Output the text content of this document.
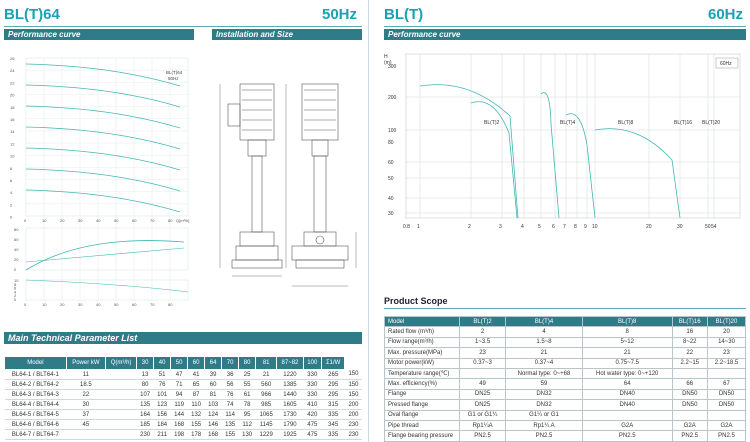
BL(T)64	50Hz
Performance curve	Installation and Size
26
24
22
20
18
16
14
12
10
8
6
4
2
0
0	10	20	30	40	50	60	70	80 Q[m³/h]
80
60
40
20
0
10
8
6
4
2
0
0	10	20	30	40	50	60	70	80
BL(T)64
50Hz
Main Technical Parameter List
Model	Power kW	Q(m³/h)	30	40	50	60	64	70	80	81	87~82	100	Σ1/W	
BL64-1 / BLT64-1	11		13	51	47	41	39	36	25	21	1220	330	265	150
BL64-2 / BLT64-2	18.5		80	76	71	65	60	56	55	560	1385	330	295	150
BL64-3 / BLT64-3	22		107	101	94	87	81	76	61	966	1440	330	295	150
BL64-4 / BLT64-4	30		135	123	119	110	103	74	78	985	1605	410	315	200
BL64-5 / BLT64-5	37		164	156	144	132	124	114	95	1065	1730	420	335	200
BL64-6 / BLT64-6	45		185	184	168	155	146	135	112	1145	1790	475	345	230
BL64-7 / BLT64-7			230	211	198	178	168	155	130	1229	1925	475	335	230
BL(T)	60Hz
Performance curve
H
(m)
300
200
100
80
60
50
40
30
0.8 1	2	3	4	5 6 7 8 9 10	20	30	50 54
BL(T)2	BL(T)4	BL(T)8	BL(T)16 BL(T)20
60Hz
Product Scope
Model	BL(T)2	BL(T)4	BL(T)8	BL(T)16	BL(T)20
Rated flow (m³/h)	2	4	8	16	20
Flow range(m³/h)	1~3.5	1.5~8	5~12	8~22	14~30
Max. pressure(MPa)	23	21	21	22	23
Motor power(kW)	0.37~3	0.37~4	0.75~7.5	2.2~15	2.2~18.5
Temperature range(℃)		Normal type: 0~+68	Hot water type: 0~+120		
Max. efficiency(%)	49	59	64	66	67
Flange	DN25	DN32	DN40	DN50	DN50
Pressed flange	DN25	DN32	DN40	DN50	DN50
Oval flange	G1 or G1¼	G1¼ or G1			
Pipe thread	Rp1¼A	Rp1¼ A	G2A	G2A	G2A
Flange bearing pressure	PN2.5	PN2.5	PN2.5	PN2.5	PN2.5
